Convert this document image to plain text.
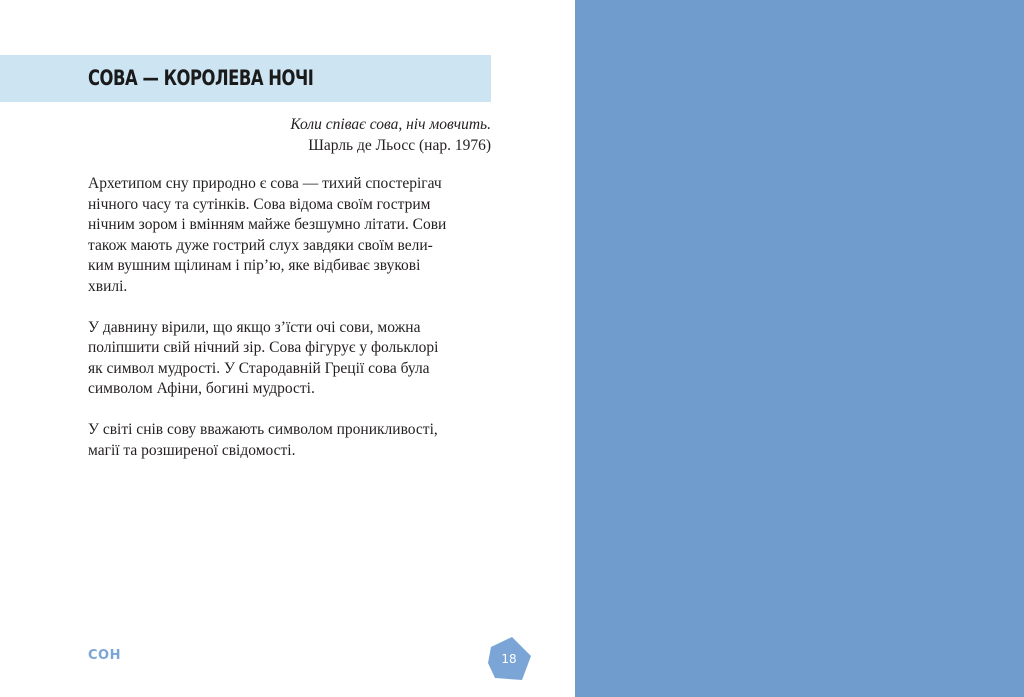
СОВА — КОРОЛЕВА НОЧІ
Коли співає сова, ніч мовчить.
Шарль де Льосс (нар. 1976)

Архетипом сну природно є сова — тихий спостерігач
нічного часу та сутінків. Сова відома своїм гострим
нічним зором і вмінням майже безшумно літати. Сови
також мають дуже гострий слух завдяки своїм вели-
ким вушним щілинам і пір’ю, яке відбиває звукові
хвилі.

У давнину вірили, що якщо з’їсти очі сови, можна
поліпшити свій нічний зір. Сова фігурує у фольклорі
як символ мудрості. У Стародавній Греції сова була
символом Афіни, богині мудрості.

У світі снів сову вважають символом проникливості,
магії та розширеної свідомості.

СОН	18
